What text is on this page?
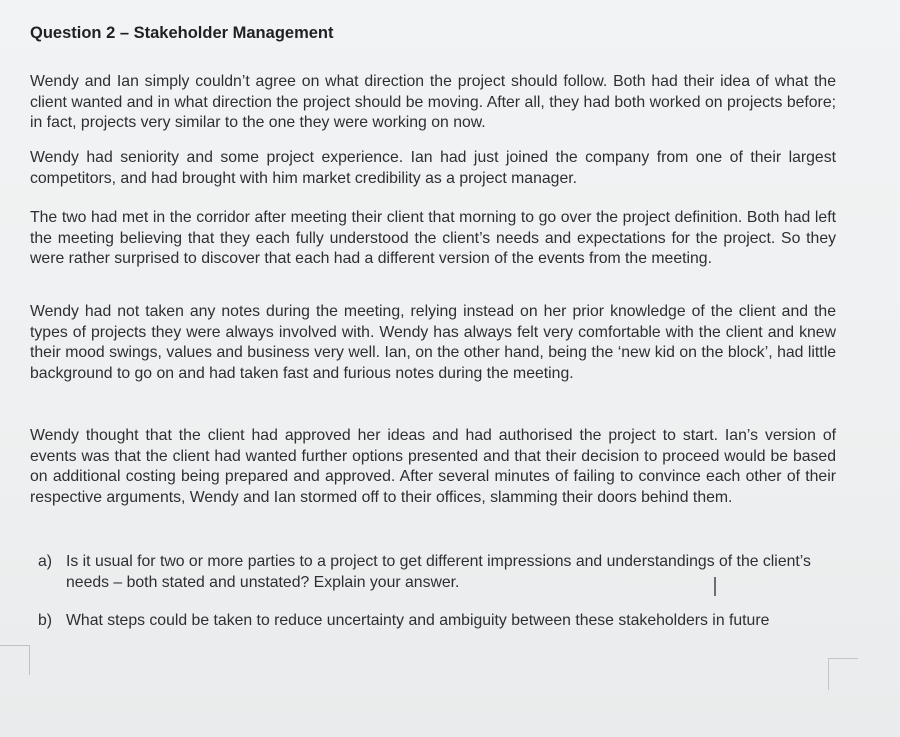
Question 2 – Stakeholder Management

Wendy and Ian simply couldn’t agree on what direction the project should follow. Both had their idea of what the client wanted and in what direction the project should be moving. After all, they had both worked on projects before; in fact, projects very similar to the one they were working on now.

Wendy had seniority and some project experience. Ian had just joined the company from one of their largest competitors, and had brought with him market credibility as a project manager.

The two had met in the corridor after meeting their client that morning to go over the project definition. Both had left the meeting believing that they each fully understood the client’s needs and expectations for the project. So they were rather surprised to discover that each had a different version of the events from the meeting.

Wendy had not taken any notes during the meeting, relying instead on her prior knowledge of the client and the types of projects they were always involved with. Wendy has always felt very comfortable with the client and knew their mood swings, values and business very well. Ian, on the other hand, being the ‘new kid on the block’, had little background to go on and had taken fast and furious notes during the meeting.

Wendy thought that the client had approved her ideas and had authorised the project to start. Ian’s version of events was that the client had wanted further options presented and that their decision to proceed would be based on additional costing being prepared and approved. After several minutes of failing to convince each other of their respective arguments, Wendy and Ian stormed off to their offices, slamming their doors behind them.

a) Is it usual for two or more parties to a project to get different impressions and understandings of the client’s needs – both stated and unstated? Explain your answer.
b) What steps could be taken to reduce uncertainty and ambiguity between these stakeholders in future
